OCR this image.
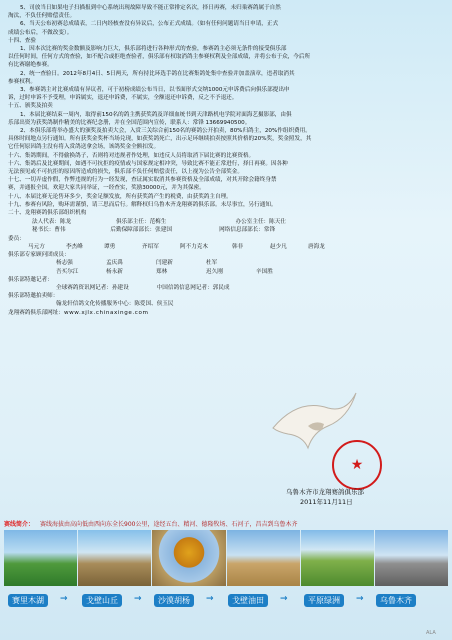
5、司放当日如果电子扫描报到中心系统出现故障导致不能正常排定名次，择日再赛，未归巢赛鸽属于自然
淘汰，不负任何赔偿责任。
6、当天公布初赛总成绩表，二日内经核查没有异议后，公布正式成绩。（如有任何问题请当日申请，正式
成绩公布后，不做改变）。
十四、查验
1、因本次比赛的奖金数额及影响力巨大，俱乐部将进行各种形式的查验，参赛鸽主必须无条件的接受俱乐部
以任何时间，任何方式的查验，如不配合或拒绝查验者，俱乐部有权取消鸽主参赛权利及全部成绩，并将公布于众，今后所
有比赛谢绝参赛。
2、统一查验日。2012年8月4日、5日两天，所有持比环选手鸽在比赛集鸽处集中查验并加盖演章，违者取消其
参赛权利。
3、参赛鸽主对比赛成绩有异议者，可于初榜成绩公布当日，以书面形式交纳1000元申诉费后向俱乐部提出申
诉，过时申诉不予受理，申诉属实，退还申诉费，不属实，全额退还申诉费，反之不予退还。
十五、颁奖及拍卖
1、本届比赛结束一周内，取得前150名的鸽主携获奖鸽及详细血统书到天津路机电学院对面海艺摄影部，由俱
乐部出资为获奖鸽制作精美的比赛纪念册，并在全国范围内宣传，联系人：常锋 13669940500。
2、本俱乐部将举办盛大的颁奖及拍卖大会，入赏三关综合前150名的赛鸽公开拍卖，80%归鸽主，20%作组织费用。
具体时间地点另行通知。所有获奖金奖杯当场兑现，如获奖鸽死亡，出示足环继续拍卖按照其价格的20%奖，奖金照发，其
它任何原因鸽主没有将入赏鸽送拿会场，该鸽奖金全额扣发。
十六、集鸽期间，不得偷换鸽子，否则将对违规者作处理，如违反人员将取消下届比赛的比赛资格。
十六、集鸽后及比赛期间，如遇不可抗拒的疫情或与国家规定相冲突，导致比赛不能正常进行，择日再赛。因各种
无法预见或不可抗拒的原因所造成的损失，俱乐部不负任何赔偿责任，以上视为公告全部奖金。
十七、一切弄虚作假，作弊违规的行为一经发现，查证属实取消其参赛资格及全部成绩，对其开除会籍终身禁
赛，并通报全国。欢迎大家共同举证，一经查实，奖励30000元，并为其保密。
十八、本届比赛无论售环多少，奖金足额发放，所有获奖鸽产生的税费，由获奖鸽主自理。
十九、参赛有风险，购环需谨慎，请三思而后行。解释权归乌鲁木齐龙翔赛鸽俱乐部。未尽事宜，另行通知。
二十、龙翔赛鸽俱乐部组织机构
法人代表： 陈龙	俱乐部主任： 范梅生	办公室主任： 陈天仕
秘书长： 曹伟	后勤保障部部长： 张建国	网络信息部部长： 常锋
委员：
马元方	李杰峰	谭勇	齐绍军	阿不力克木	韩非	赵少凡	唐海龙
俱乐部专家顾问团成员：
杨志强	孟庆禹	闫建新	杜军
吾买尔江	杨永新	郑林	迟久刚	辛国胜
俱乐部特邀记者：
全球赛鸽资讯网记者：孙建设　　　　　中国信鸽信息网记者：郭民成
俱乐部特邀拍卖师：
翰龙轩信鸽文化传播服务中心：陈爱国、侯玉民
龙翔赛鸽俱乐部网址： www.xjlx.chinaxinge.com
★
乌鲁木齐市龙翔赛鸽俱乐部
2011年11月11日
赛线简介： 赛线海拔由高向低由西向东全长900公里，途经五台、精河、德隆牧场、石河子，昌吉到乌鲁木齐
赛里木湖	→	戈壁山丘	→	沙漠胡杨	→	戈壁油田	→	平原绿洲	→	乌鲁木齐
ALA
